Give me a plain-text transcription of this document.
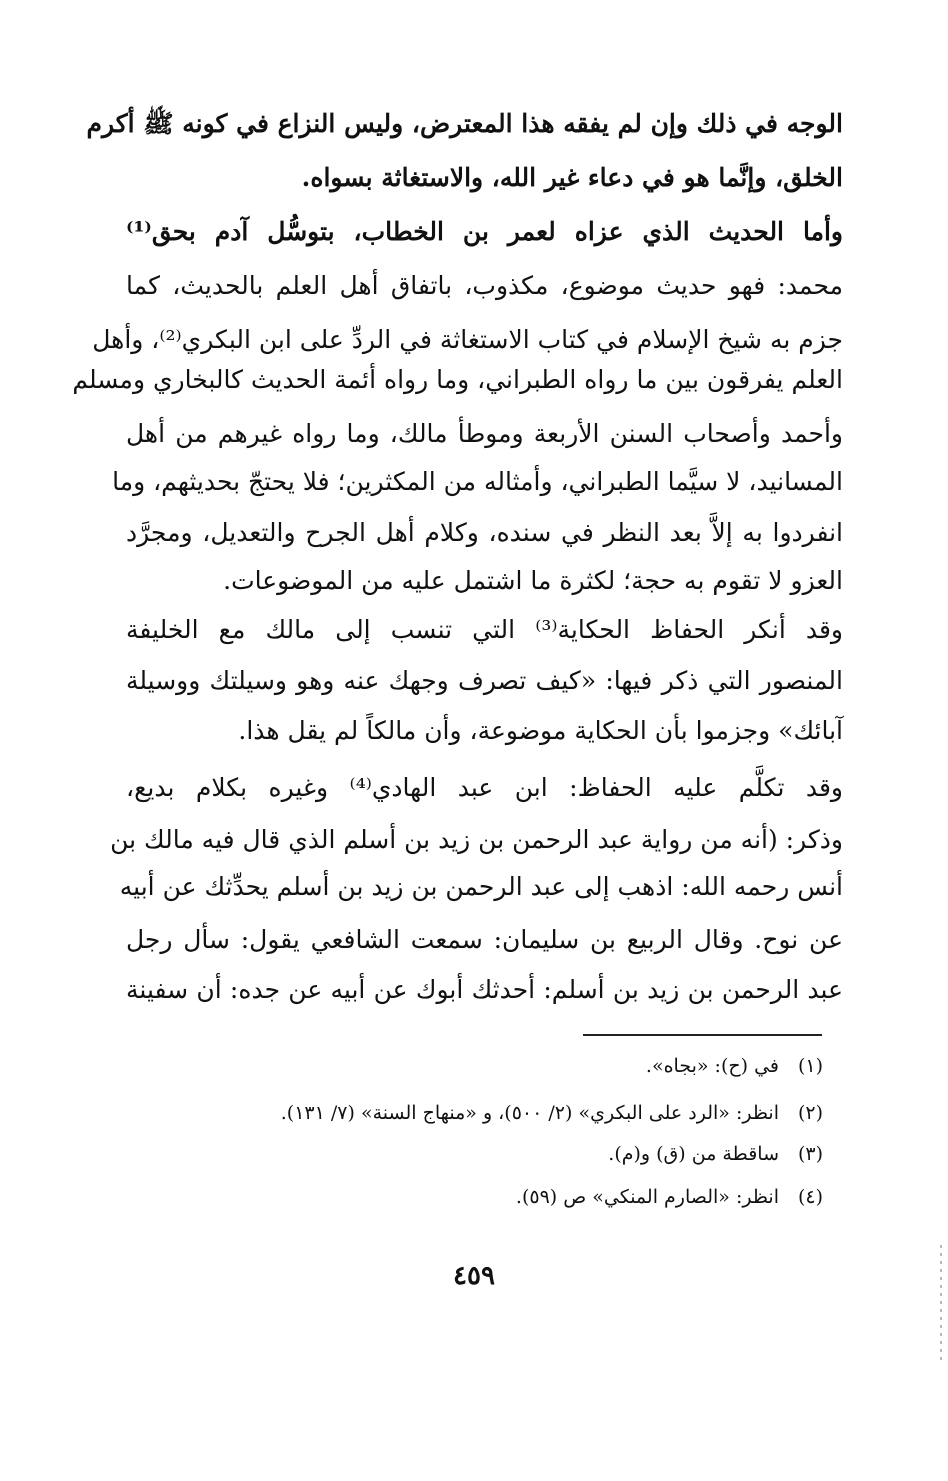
الوجه في ذلك وإن لم يفقه هذا المعترض، وليس النزاع في كونه ﷺ أكرم
الخلق، وإنَّما هو في دعاء غير الله، والاستغاثة بسواه.
وأما الحديث الذي عزاه لعمر بن الخطاب، بتوسُّل آدم بحق⁽¹⁾
محمد: فهو حديث موضوع، مكذوب، باتفاق أهل العلم بالحديث، كما
جزم به شيخ الإسلام في كتاب الاستغاثة في الردِّ على ابن البكري⁽²⁾، وأهل
العلم يفرقون بين ما رواه الطبراني، وما رواه أئمة الحديث كالبخاري ومسلم
وأحمد وأصحاب السنن الأربعة وموطأ مالك، وما رواه غيرهم من أهل
المسانيد، لا سيَّما الطبراني، وأمثاله من المكثرين؛ فلا يحتجّ بحديثهم، وما
انفردوا به إلاَّ بعد النظر في سنده، وكلام أهل الجرح والتعديل، ومجرَّد
العزو لا تقوم به حجة؛ لكثرة ما اشتمل عليه من الموضوعات.
وقد أنكر الحفاظ الحكاية⁽³⁾ التي تنسب إلى مالك مع الخليفة
المنصور التي ذكر فيها: «كيف تصرف وجهك عنه وهو وسيلتك ووسيلة
آبائك» وجزموا بأن الحكاية موضوعة، وأن مالكاً لم يقل هذا.
وقد تكلَّم عليه الحفاظ: ابن عبد الهادي⁽⁴⁾ وغيره بكلام بديع،
وذكر: (أنه من رواية عبد الرحمن بن زيد بن أسلم الذي قال فيه مالك بن
أنس رحمه الله: اذهب إلى عبد الرحمن بن زيد بن أسلم يحدِّثك عن أبيه
عن نوح. وقال الربيع بن سليمان: سمعت الشافعي يقول: سأل رجل
عبد الرحمن بن زيد بن أسلم: أحدثك أبوك عن أبيه عن جده: أن سفينة
(١)في (ح): «بجاه».
(٢)انظر: «الرد على البكري» (٢/ ٥٠٠)، و «منهاج السنة» (٧/ ١٣١).
(٣)ساقطة من (ق) و(م).
(٤)انظر: «الصارم المنكي» ص (٥٩).
٤٥٩
